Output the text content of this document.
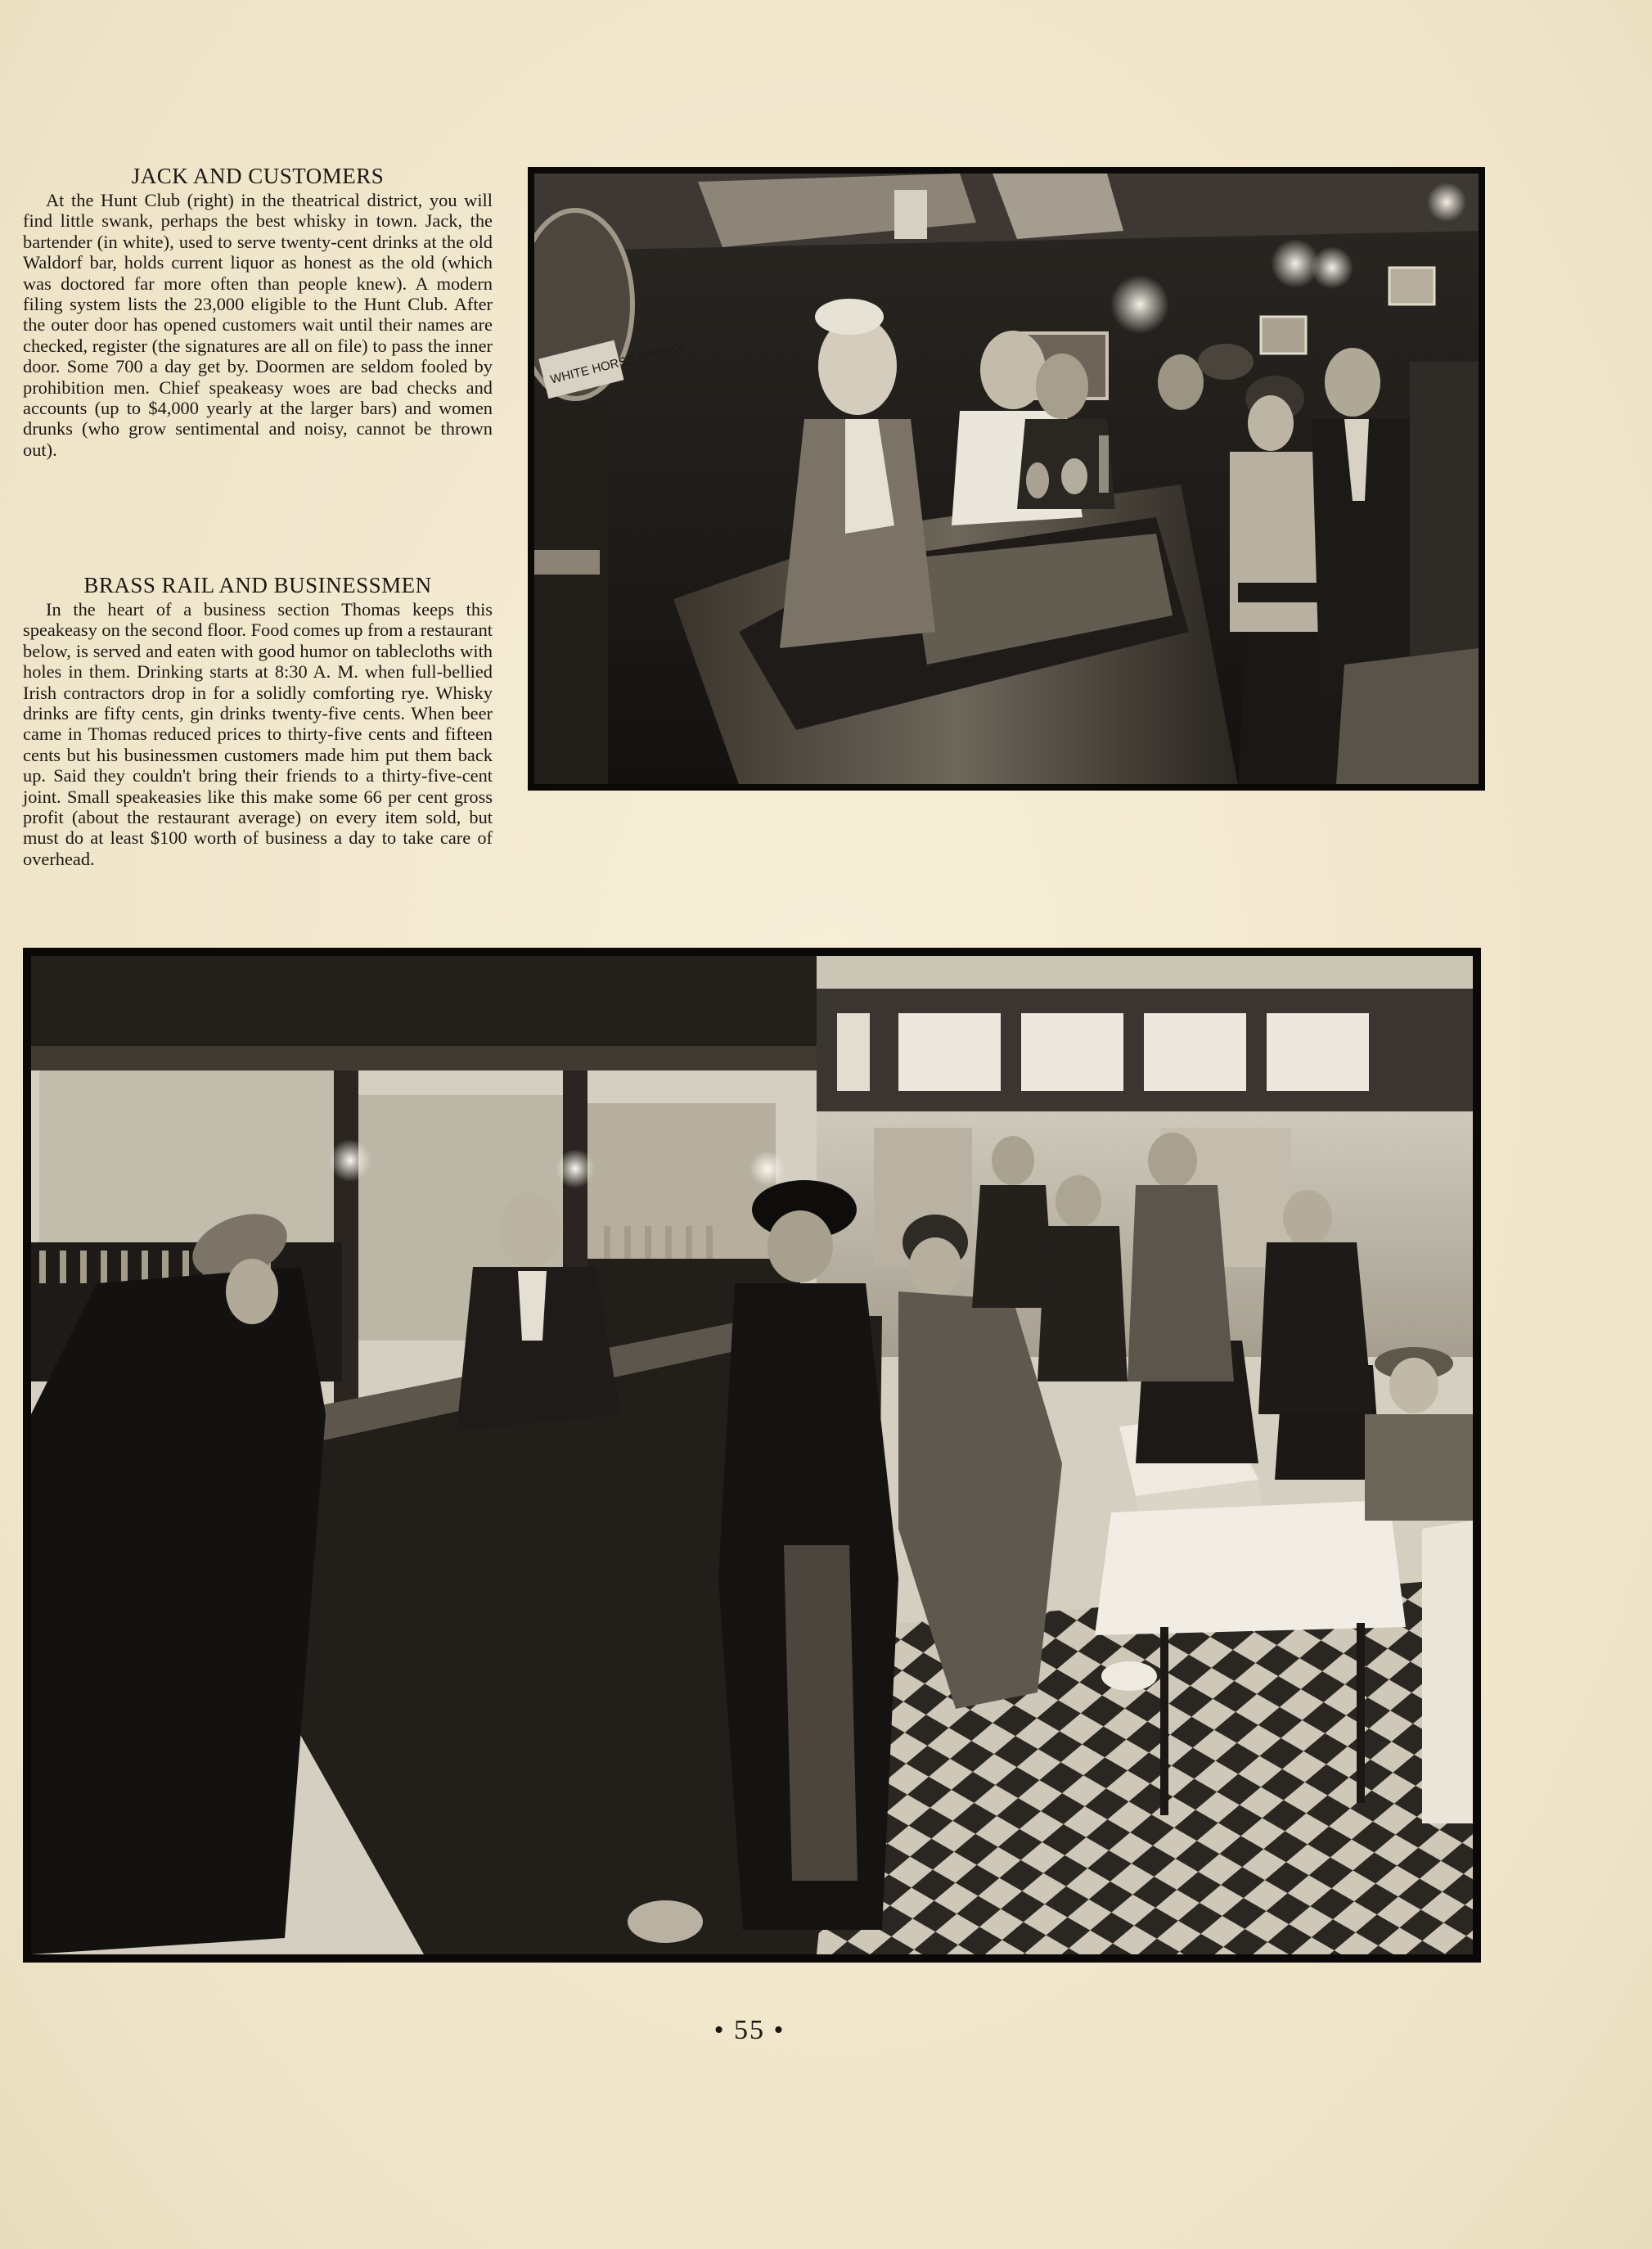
JACK AND CUSTOMERS

At the Hunt Club (right) in the theatrical district, you will find little swank, perhaps the best whisky in town. Jack, the bartender (in white), used to serve twenty-cent drinks at the old Waldorf bar, holds current liquor as honest as the old (which was doctored far more often than people knew). A modern filing system lists the 23,000 eligible to the Hunt Club. After the outer door has opened customers wait until their names are checked, register (the signatures are all on file) to pass the inner door. Some 700 a day get by. Doormen are seldom fooled by prohibition men. Chief speakeasy woes are bad checks and accounts (up to $4,000 yearly at the larger bars) and women drunks (who grow sentimental and noisy, cannot be thrown out).

BRASS RAIL AND BUSINESSMEN

In the heart of a business section Thomas keeps this speakeasy on the second floor. Food comes up from a restaurant below, is served and eaten with good humor on tablecloths with holes in them. Drinking starts at 8:30 A. M. when full-bellied Irish contractors drop in for a solidly comforting rye. Whisky drinks are fifty cents, gin drinks twenty-five cents. When beer came in Thomas reduced prices to thirty-five cents and fifteen cents but his businessmen customers made him put them back up. Said they couldn't bring their friends to a thirty-five-cent joint. Small speakeasies like this make some 66 per cent gross profit (about the restaurant average) on every item sold, but must do at least $100 worth of business a day to take care of overhead.

WHITE HORSE WHISKY
• 55 •
